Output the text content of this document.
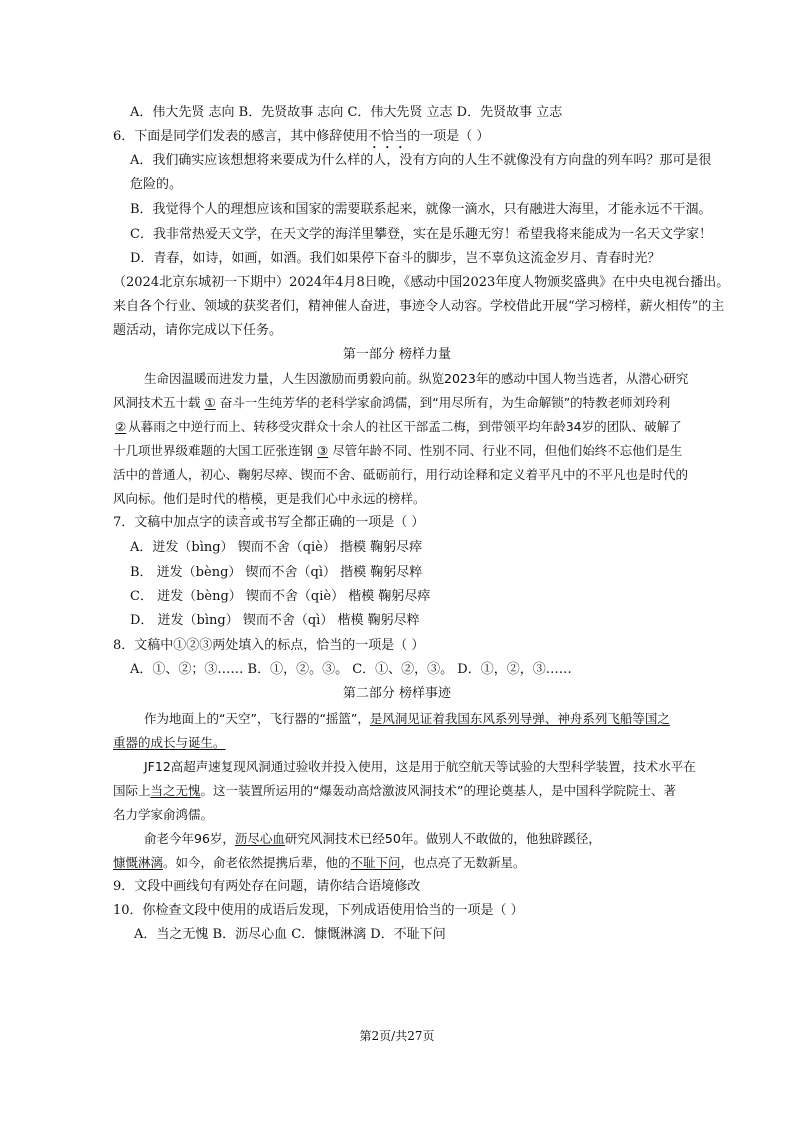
A．伟大先贤 志向 B．先贤故事 志向 C．伟大先贤 立志 D．先贤故事 立志
6．下面是同学们发表的感言，其中修辞使用不恰当的一项是（ ）
A．我们确实应该想想将来要成为什么样的人，没有方向的人生不就像没有方向盘的列车吗？那可是很
危险的。
B．我觉得个人的理想应该和国家的需要联系起来，就像一滴水，只有融进大海里，才能永远不干涸。
C．我非常热爱天文学，在天文学的海洋里攀登，实在是乐趣无穷！希望我将来能成为一名天文学家！
D．青春，如诗，如画，如酒。我们如果停下奋斗的脚步，岂不辜负这流金岁月、青春时光？
（2024北京东城初一下期中）2024年4月8日晚，《感动中国2023年度人物颁奖盛典》在中央电视台播出。
来自各个行业、领域的获奖者们，精神催人奋进，事迹令人动容。学校借此开展“学习榜样，薪火相传”的主
题活动，请你完成以下任务。
第一部分 榜样力量
生命因温暖而进发力量，人生因激励而勇毅向前。纵览2023年的感动中国人物当选者，从潜心研究
风洞技术五十载 ① 奋斗一生纯芳华的老科学家俞鸿儒，到“用尽所有，为生命解锁”的特教老师刘玲利
② 从暮雨之中逆行而上、转移受灾群众十余人的社区干部孟二梅，到带领平均年龄34岁的团队、破解了
十几项世界级难题的大国工匠张连钢 ③ 尽管年龄不同、性别不同、行业不同，但他们始终不忘他们是生
活中的普通人，初心、鞠躬尽瘁、锲而不舍、砥砺前行，用行动诠释和定义着平凡中的不平凡也是时代的
风向标。他们是时代的楷模，更是我们心中永远的榜样。
7．文稿中加点字的读音或书写全都正确的一项是（ ）
A．迸发（bìng） 锲而不舍（qiè） 揩模 鞠躬尽瘁
B． 迸发（bèng） 锲而不舍（qì） 揩模 鞠躬尽粹
C． 迸发（bèng） 锲而不舍（qiè） 楷模 鞠躬尽瘁
D． 迸发（bìng） 锲而不舍（qì） 楷模 鞠躬尽粹
8．文稿中①②③两处填入的标点，恰当的一项是（ ）
A．①、②；③…… B．①，②。③。 C．①、②，③。 D．①，②，③……
第二部分 榜样事迹
作为地面上的“天空”，飞行器的“摇篮”，是风洞见证着我国东风系列导弹、神舟系列飞船等国之
重器的成长与诞生。
JF12高超声速复现风洞通过验收并投入使用，这是用于航空航天等试验的大型科学装置，技术水平在
国际上当之无愧。这一装置所运用的“爆轰动高焓激波风洞技术”的理论奠基人，是中国科学院院士、著
名力学家俞鸿儒。
俞老今年96岁，沥尽心血研究风洞技术已经50年。做别人不敢做的，他独辟蹊径，
慷慨淋漓。如今，俞老依然提携后辈，他的不耻下问，也点亮了无数新星。
9．文段中画线句有两处存在问题，请你结合语境修改
10．你检查文段中使用的成语后发现，下列成语使用恰当的一项是（ ）
A．当之无愧 B．沥尽心血 C．慷慨淋漓 D．不耻下问
第2页/共27页
